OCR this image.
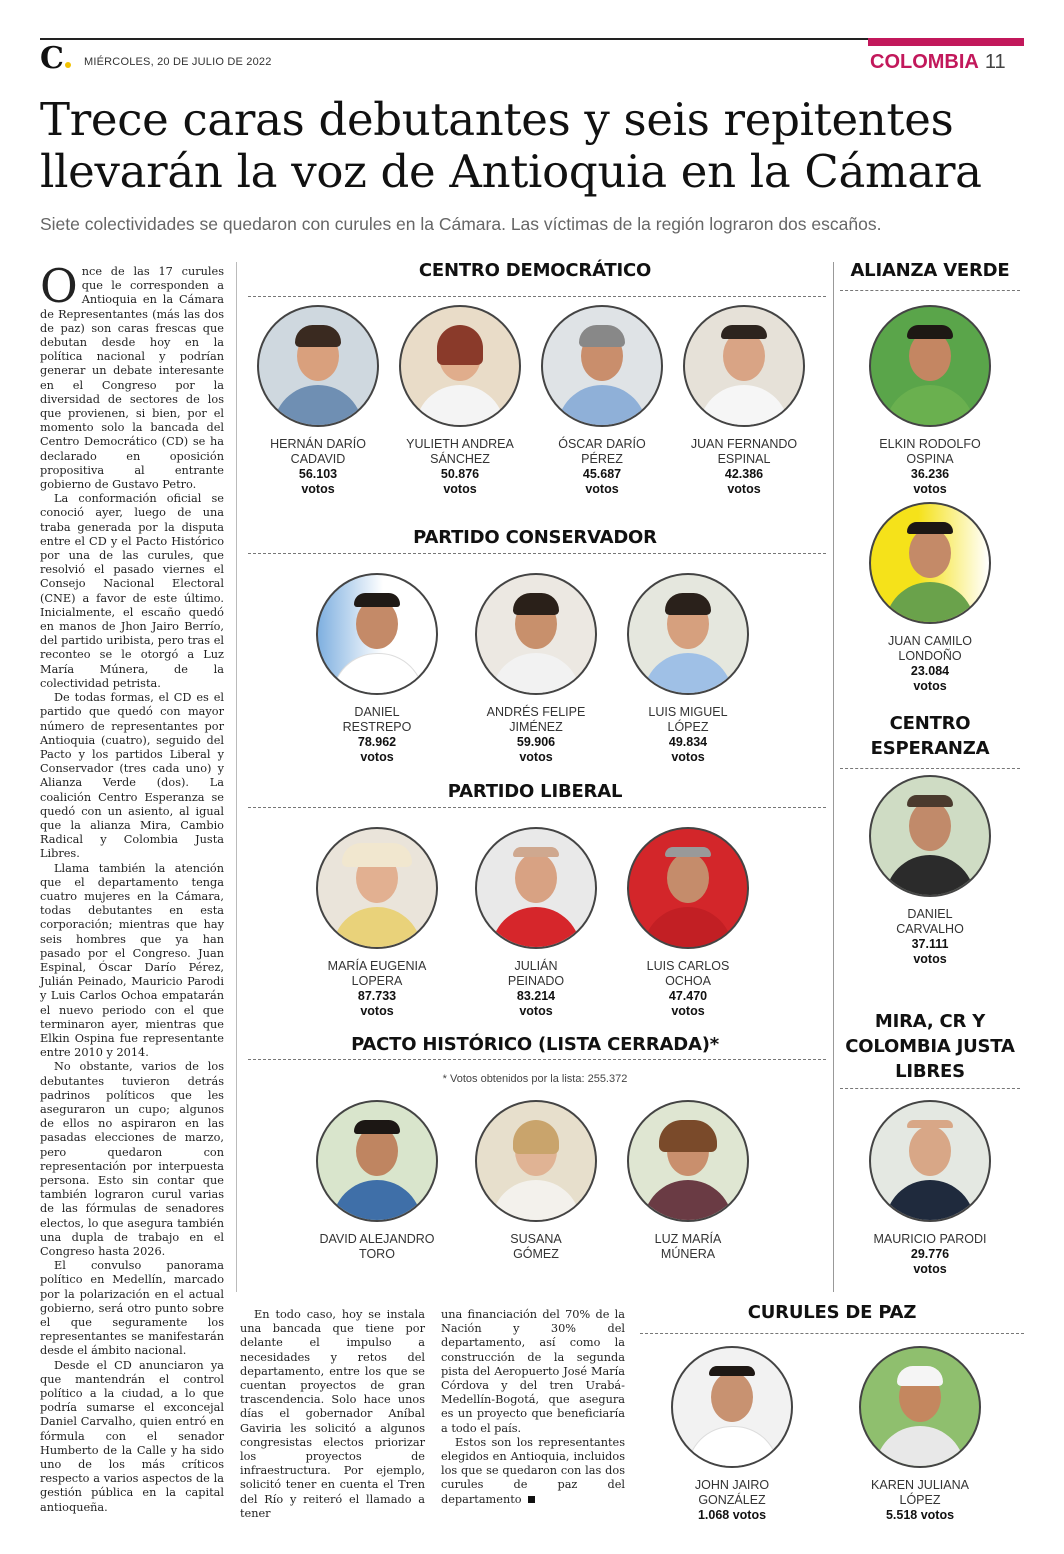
C	MIÉRCOLES, 20 DE JULIO DE 2022	COLOMBIA 11
Trece caras debutantes y seis repitentes
llevarán la voz de Antioquia en la Cámara
Siete colectividades se quedaron con curules en la Cámara. Las víctimas de la región lograron dos escaños.

Once de las 17 curules que le corresponden a Antioquia en la Cámara de Representantes (más las dos de paz) son caras frescas que debutan desde hoy en la política nacional y podrían generar un debate interesante en el Congreso por la diversidad de sectores de los que provienen, si bien, por el momento solo la bancada del Centro Democrático (CD) se ha declarado en oposición propositiva al entrante gobierno de Gustavo Petro.

La conformación oficial se conoció ayer, luego de una traba generada por la disputa entre el CD y el Pacto Histórico por una de las curules, que resolvió el pasado viernes el Consejo Nacional Electoral (CNE) a favor de este último. Inicialmente, el escaño quedó en manos de Jhon Jairo Berrío, del partido uribista, pero tras el reconteo se le otorgó a Luz María Múnera, de la colectividad petrista.

De todas formas, el CD es el partido que quedó con mayor número de representantes por Antioquia (cuatro), seguido del Pacto y los partidos Liberal y Conservador (tres cada uno) y Alianza Verde (dos). La coalición Centro Esperanza se quedó con un asiento, al igual que la alianza Mira, Cambio Radical y Colombia Justa Libres.

Llama también la atención que el departamento tenga cuatro mujeres en la Cámara, todas debutantes en esta corporación; mientras que hay seis hombres que ya han pasado por el Congreso. Juan Espinal, Óscar Darío Pérez, Julián Peinado, Mauricio Parodi y Luis Carlos Ochoa empatarán el nuevo periodo con el que terminaron ayer, mientras que Elkin Ospina fue representante entre 2010 y 2014.

No obstante, varios de los debutantes tuvieron detrás padrinos políticos que les aseguraron un cupo; algunos de ellos no aspiraron en las pasadas elecciones de marzo, pero quedaron con representación por interpuesta persona. Esto sin contar que también lograron curul varias de las fórmulas de senadores electos, lo que asegura también una dupla de trabajo en el Congreso hasta 2026.

El convulso panorama político en Medellín, marcado por la polarización en el actual gobierno, será otro punto sobre el que seguramente los representantes se manifestarán desde el ámbito nacional.

Desde el CD anunciaron ya que mantendrán el control político a la ciudad, a lo que podría sumarse el exconcejal Daniel Carvalho, quien entró en fórmula con el senador Humberto de la Calle y ha sido uno de los más críticos respecto a varios aspectos de la gestión pública en la capital antioqueña.

En todo caso, hoy se instala una bancada que tiene por delante el impulso a necesidades y retos del departamento, entre los que se cuentan proyectos de gran trascendencia. Solo hace unos días el gobernador Aníbal Gaviria les solicitó a algunos congresistas electos priorizar los proyectos de infraestructura. Por ejemplo, solicitó tener en cuenta el Tren del Río y reiteró el llamado a tener

una financiación del 70% de la Nación y 30% del departamento, así como la construcción de la segunda pista del Aeropuerto José María Córdova y del tren Urabá-Medellín-Bogotá, que asegura es un proyecto que beneficiaría a todo el país.

Estos son los representantes elegidos en Antioquia, incluidos los que se quedaron con las dos curules de paz del departamento

CENTRO DEMOCRÁTICO
PARTIDO CONSERVADOR
PARTIDO LIBERAL
PACTO HISTÓRICO (LISTA CERRADA)*
* Votos obtenidos por la lista: 255.372
ALIANZA VERDE
CENTRO
ESPERANZA
MIRA, CR Y
COLOMBIA JUSTA
LIBRES
CURULES DE PAZ
HERNÁN DARÍO
CADAVID
56.103
votos
YULIETH ANDREA
SÁNCHEZ
50.876
votos
ÓSCAR DARÍO
PÉREZ
45.687
votos
JUAN FERNANDO
ESPINAL
42.386
votos
DANIEL
RESTREPO
78.962
votos
ANDRÉS FELIPE
JIMÉNEZ
59.906
votos
LUIS MIGUEL
LÓPEZ
49.834
votos
MARÍA EUGENIA
LOPERA
87.733
votos
JULIÁN
PEINADO
83.214
votos
LUIS CARLOS
OCHOA
47.470
votos
DAVID ALEJANDRO
TORO
SUSANA
GÓMEZ
LUZ MARÍA
MÚNERA
ELKIN RODOLFO
OSPINA
36.236
votos
JUAN CAMILO
LONDOÑO
23.084
votos
DANIEL
CARVALHO
37.111
votos
MAURICIO PARODI
29.776
votos
JOHN JAIRO
GONZÁLEZ
1.068 votos
KAREN JULIANA
LÓPEZ
5.518 votos
